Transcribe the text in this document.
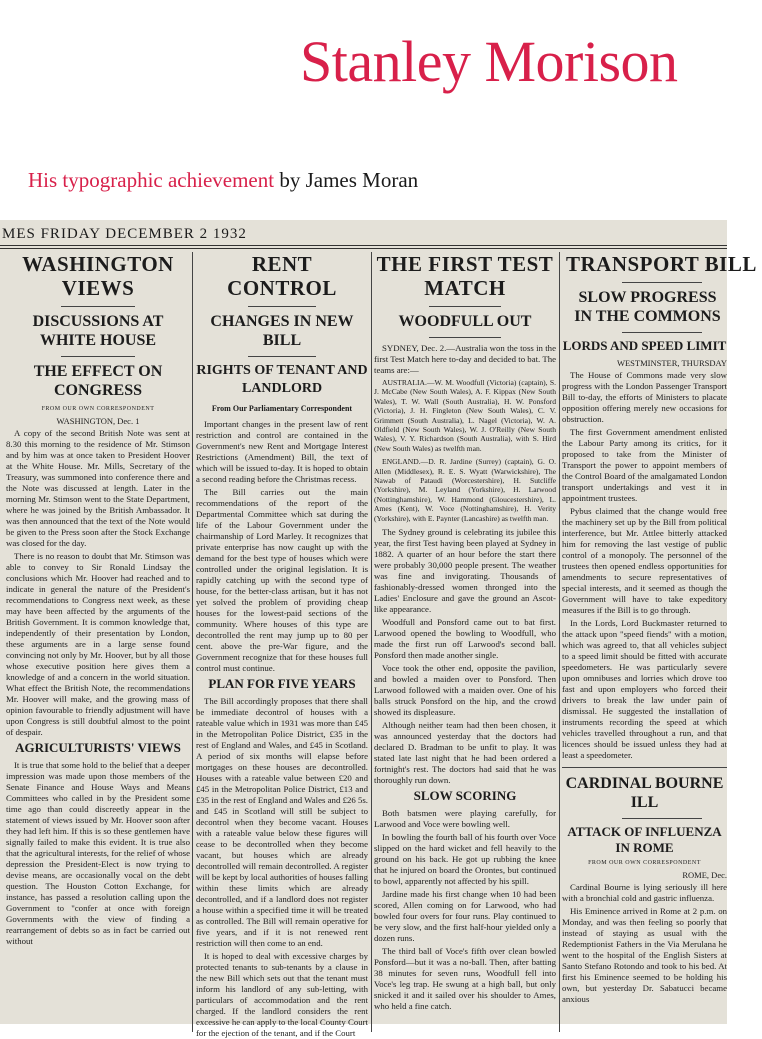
Stanley Morison
His typographic achievement by James Moran
MES FRIDAY DECEMBER 2 1932
WASHINGTON VIEWS
DISCUSSIONS AT WHITE HOUSE
THE EFFECT ON CONGRESS
FROM OUR OWN CORRESPONDENT
WASHINGTON, Dec. 1

A copy of the second British Note was sent at 8.30 this morning to the residence of Mr. Stimson and by him was at once taken to President Hoover at the White House. Mr. Mills, Secretary of the Treasury, was summoned into conference there and the Note was discussed at length. Later in the morning Mr. Stimson went to the State Department, where he was joined by the British Ambassador. It was then announced that the text of the Note would be given to the Press soon after the Stock Exchange was closed for the day.

There is no reason to doubt that Mr. Stimson was able to convey to Sir Ronald Lindsay the conclusions which Mr. Hoover had reached and to indicate in general the nature of the President's recommendations to Congress next week, as these may have been affected by the arguments of the British Government. It is common knowledge that, independently of their presentation by London, these arguments are in a large sense found convincing not only by Mr. Hoover, but by all those whose executive position here gives them a knowledge of and a concern in the world situation. What effect the British Note, the recommendations Mr. Hoover will make, and the growing mass of opinion favourable to friendly adjustment will have upon Congress is still doubtful almost to the point of despair.

AGRICULTURISTS' VIEWS

It is true that some hold to the belief that a deeper impression was made upon those members of the Senate Finance and House Ways and Means Committees who called in by the President some time ago than could discreetly appear in the statement of views issued by Mr. Hoover soon after they had left him. If this is so these gentlemen have signally failed to make this evident. It is true also that the agricultural interests, for the relief of whose depression the President-Elect is now trying to devise means, are occasionally vocal on the debt question. The Houston Cotton Exchange, for instance, has passed a resolution calling upon the Government to "confer at once with foreign Governments with the view of finding a rearrangement of debts so as in fact be carried out without

RENT CONTROL
CHANGES IN NEW BILL
RIGHTS OF TENANT AND LANDLORD
From Our Parliamentary Correspondent

Important changes in the present law of rent restriction and control are contained in the Government's new Rent and Mortgage Interest Restrictions (Amendment) Bill, the text of which will be issued to-day. It is hoped to obtain a second reading before the Christmas recess.

The Bill carries out the main recommendations of the report of the Departmental Committee which sat during the life of the Labour Government under the chairmanship of Lord Marley. It recognizes that private enterprise has now caught up with the demand for the best type of houses which were controlled under the original legislation. It is rapidly catching up with the second type of house, for the better-class artisan, but it has not yet solved the problem of providing cheap houses for the lowest-paid sections of the community. Where houses of this type are decontrolled the rent may jump up to 80 per cent. above the pre-War figure, and the Government recognize that for these houses full control must continue.

PLAN FOR FIVE YEARS

The Bill accordingly proposes that there shall be immediate decontrol of houses with a rateable value which in 1931 was more than £45 in the Metropolitan Police District, £35 in the rest of England and Wales, and £45 in Scotland. A period of six months will elapse before mortgages on these houses are decontrolled. Houses with a rateable value between £20 and £45 in the Metropolitan Police District, £13 and £35 in the rest of England and Wales and £26 5s. and £45 in Scotland will still be subject to decontrol when they become vacant. Houses with a rateable value below these figures will cease to be decontrolled when they become vacant, but houses which are already decontrolled will remain decontrolled. A register will be kept by local authorities of houses falling within these limits which are already decontrolled, and if a landlord does not register a house within a specified time it will be treated as controlled. The Bill will remain operative for five years, and if it is not renewed rent restriction will then come to an end.

It is hoped to deal with excessive charges by protected tenants to sub-tenants by a clause in the new Bill which sets out that the tenant must inform his landlord of any sub-letting, with particulars of accommodation and the rent charged. If the landlord considers the rent excessive he can apply to the local County Court for the ejection of the tenant, and if the Court

THE FIRST TEST MATCH
WOODFULL OUT

SYDNEY, Dec. 2.—Australia won the toss in the first Test Match here to-day and decided to bat. The teams are:—

AUSTRALIA.—W. M. Woodfull (Victoria) (captain), S. J. McCabe (New South Wales), A. F. Kippax (New South Wales), T. W. Wall (South Australia), H. W. Ponsford (Victoria), J. H. Fingleton (New South Wales), C. V. Grimmett (South Australia), L. Nagel (Victoria), W. A. Oldfield (New South Wales), W. J. O'Reilly (New South Wales), V. Y. Richardson (South Australia), with S. Hird (New South Wales) as twelfth man.

ENGLAND.—D. R. Jardine (Surrey) (captain), G. O. Allen (Middlesex), R. E. S. Wyatt (Warwickshire), The Nawab of Pataudi (Worcestershire), H. Sutcliffe (Yorkshire), M. Leyland (Yorkshire), H. Larwood (Nottinghamshire), W. Hammond (Gloucestershire), L. Ames (Kent), W. Voce (Nottinghamshire), H. Verity (Yorkshire), with E. Paynter (Lancashire) as twelfth man.

The Sydney ground is celebrating its jubilee this year, the first Test having been played at Sydney in 1882. A quarter of an hour before the start there were probably 30,000 people present. The weather was fine and invigorating. Thousands of fashionably-dressed women thronged into the Ladies' Enclosure and gave the ground an Ascot-like appearance.

Woodfull and Ponsford came out to bat first. Larwood opened the bowling to Woodfull, who made the first run off Larwood's second ball. Ponsford then made another single.

Voce took the other end, opposite the pavilion, and bowled a maiden over to Ponsford. Then Larwood followed with a maiden over. One of his balls struck Ponsford on the hip, and the crowd showed its displeasure.

Although neither team had then been chosen, it was announced yesterday that the doctors had declared D. Bradman to be unfit to play. It was stated late last night that he had been ordered a fortnight's rest. The doctors had said that he was thoroughly run down.

SLOW SCORING

Both batsmen were playing carefully, for Larwood and Voce were bowling well.

In bowling the fourth ball of his fourth over Voce slipped on the hard wicket and fell heavily to the ground on his back. He got up rubbing the knee that he injured on board the Orontes, but continued to bowl, apparently not affected by his spill.

Jardine made his first change when 10 had been scored, Allen coming on for Larwood, who had bowled four overs for four runs. Play continued to be very slow, and the first half-hour yielded only a dozen runs.

The third ball of Voce's fifth over clean bowled Ponsford—but it was a no-ball. Then, after batting 38 minutes for seven runs, Woodfull fell into Voce's leg trap. He swung at a high ball, but only snicked it and it sailed over his shoulder to Ames, who held a fine catch.

TRANSPORT BILL
SLOW PROGRESS IN THE COMMONS
LORDS AND SPEED LIMIT
WESTMINSTER, THURSDAY

The House of Commons made very slow progress with the London Passenger Transport Bill to-day, the efforts of Ministers to placate opposition offering merely new occasions for obstruction.

The first Government amendment enlisted the Labour Party among its critics, for it proposed to take from the Minister of Transport the power to appoint members of the Control Board of the amalgamated London transport undertakings and vest it in appointment trustees.

Pybus claimed that the change would free the machinery set up by the Bill from political interference, but Mr. Attlee bitterly attacked him for removing the last vestige of public control of a monopoly. The personnel of the trustees then opened endless opportunities for amendments to secure representatives of special interests, and it seemed as though the Government will have to take expeditory measures if the Bill is to go through.

In the Lords, Lord Buckmaster returned to the attack upon "speed fiends" with a motion, which was agreed to, that all vehicles subject to a speed limit should be fitted with accurate speedometers. He was particularly severe upon omnibuses and lorries which drove too fast and upon employers who forced their drivers to break the law under pain of dismissal. He suggested the installation of instruments recording the speed at which vehicles travelled throughout a run, and that licences should be issued unless they had at least a speedometer.

CARDINAL BOURNE ILL
ATTACK OF INFLUENZA IN ROME
FROM OUR OWN CORRESPONDENT
ROME, Dec.

Cardinal Bourne is lying seriously ill here with a bronchial cold and gastric influenza.

His Eminence arrived in Rome at 2 p.m. on Monday, and was then feeling so poorly that instead of staying as usual with the Redemptionist Fathers in the Via Merulana he went to the hospital of the English Sisters at Santo Stefano Rotondo and took to his bed. At first his Eminence seemed to be holding his own, but yesterday Dr. Sabatucci became anxious
